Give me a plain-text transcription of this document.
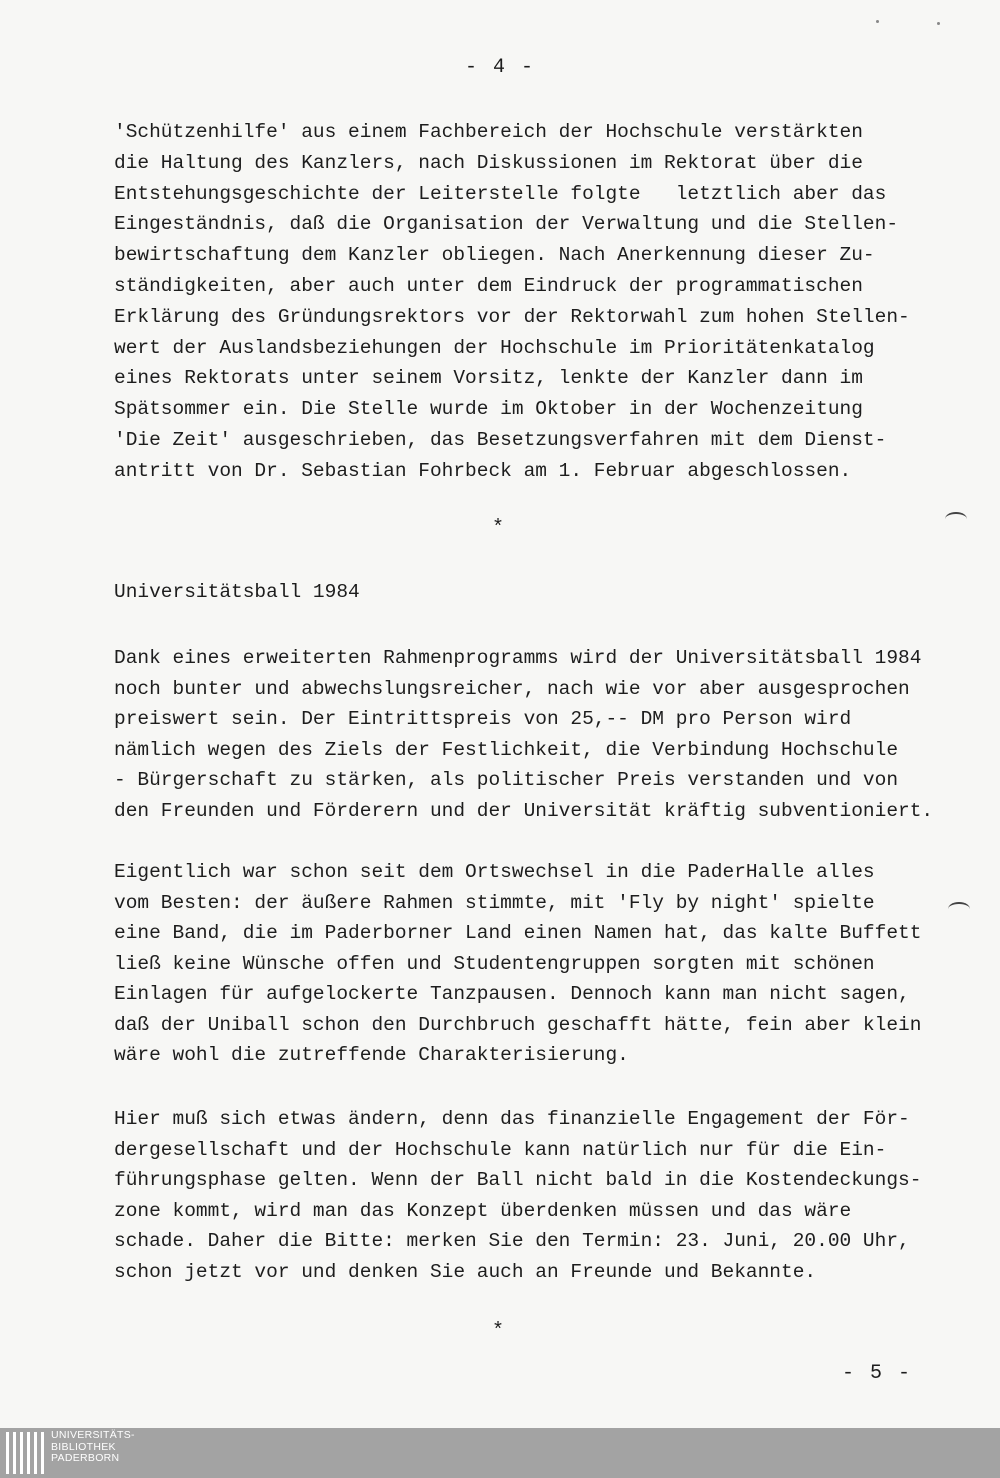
- 4 -

'Schützenhilfe' aus einem Fachbereich der Hochschule verstärkten
die Haltung des Kanzlers, nach Diskussionen im Rektorat über die
Entstehungsgeschichte der Leiterstelle folgte   letztlich aber das
Eingeständnis, daß die Organisation der Verwaltung und die Stellen-
bewirtschaftung dem Kanzler obliegen. Nach Anerkennung dieser Zu-
ständigkeiten, aber auch unter dem Eindruck der programmatischen
Erklärung des Gründungsrektors vor der Rektorwahl zum hohen Stellen-
wert der Auslandsbeziehungen der Hochschule im Prioritätenkatalog
eines Rektorats unter seinem Vorsitz, lenkte der Kanzler dann im
Spätsommer ein. Die Stelle wurde im Oktober in der Wochenzeitung
'Die Zeit' ausgeschrieben, das Besetzungsverfahren mit dem Dienst-
antritt von Dr. Sebastian Fohrbeck am 1. Februar abgeschlossen.

*
Universitätsball 1984

Dank eines erweiterten Rahmenprogramms wird der Universitätsball 1984
noch bunter und abwechslungsreicher, nach wie vor aber ausgesprochen
preiswert sein. Der Eintrittspreis von 25,-- DM pro Person wird
nämlich wegen des Ziels der Festlichkeit, die Verbindung Hochschule
- Bürgerschaft zu stärken, als politischer Preis verstanden und von
den Freunden und Förderern und der Universität kräftig subventioniert.

Eigentlich war schon seit dem Ortswechsel in die PaderHalle alles
vom Besten: der äußere Rahmen stimmte, mit 'Fly by night' spielte
eine Band, die im Paderborner Land einen Namen hat, das kalte Buffett
ließ keine Wünsche offen und Studentengruppen sorgten mit schönen
Einlagen für aufgelockerte Tanzpausen. Dennoch kann man nicht sagen,
daß der Uniball schon den Durchbruch geschafft hätte, fein aber klein
wäre wohl die zutreffende Charakterisierung.

Hier muß sich etwas ändern, denn das finanzielle Engagement der För-
dergesellschaft und der Hochschule kann natürlich nur für die Ein-
führungsphase gelten. Wenn der Ball nicht bald in die Kostendeckungs-
zone kommt, wird man das Konzept überdenken müssen und das wäre
schade. Daher die Bitte: merken Sie den Termin: 23. Juni, 20.00 Uhr,
schon jetzt vor und denken Sie auch an Freunde und Bekannte.

*
- 5 -
UNIVERSITÄTS-
BIBLIOTHEK
PADERBORN
